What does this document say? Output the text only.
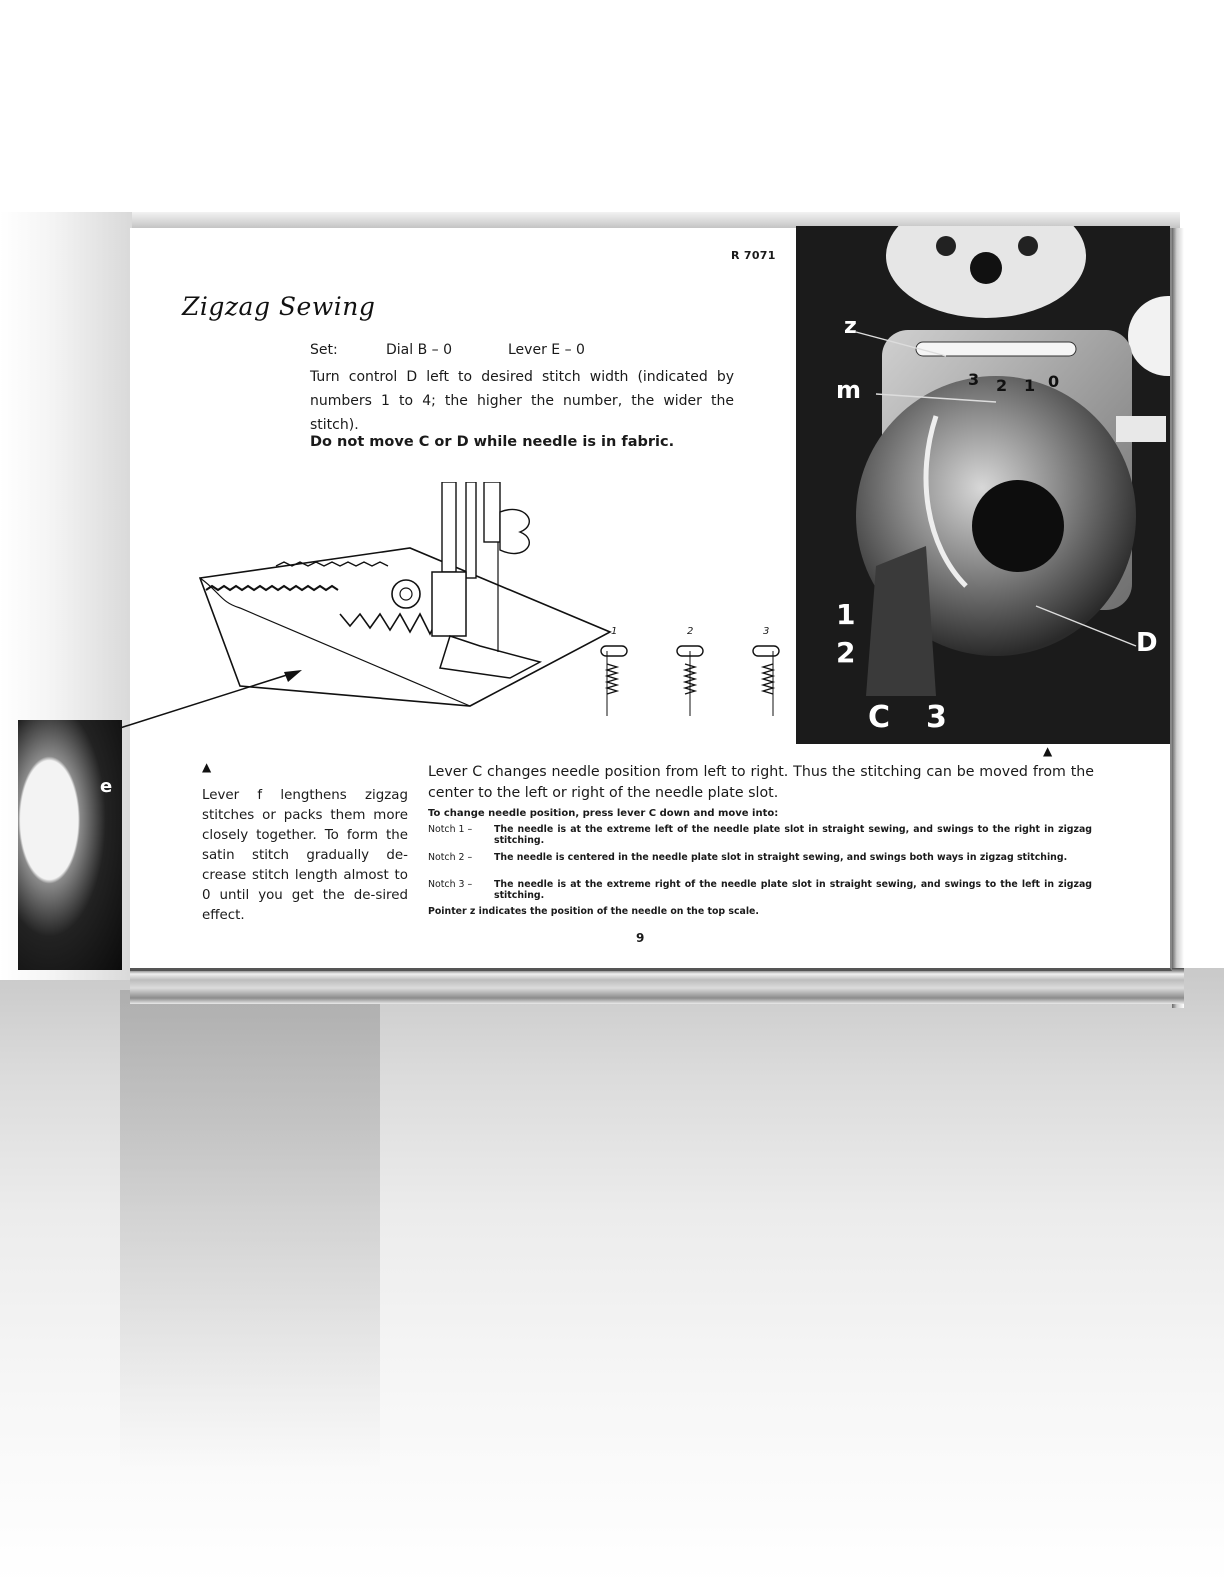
e
R 7071
Zigzag Sewing
Set:	Dial B – 0	Lever E – 0
Turn control D left to desired stitch width (indicated by numbers 1 to 4; the higher the number, the wider the stitch).
Do not move C or D while needle is in fabric.
1	2	3
z
m	3 2 1 0
1
2
C 3
D
▲
▲
Lever f lengthens zigzag stitches or packs them more closely together. To form the satin stitch gradually de-crease stitch length almost to 0 until you get the de-sired effect.
Lever C changes needle position from left to right. Thus the stitching can be moved from the center to the left or right of the needle plate slot.
To change needle position, press lever C down and move into:
Notch 1 – The needle is at the extreme left of the needle plate slot in straight sewing, and swings to the right in zigzag stitching.
Notch 2 – The needle is centered in the needle plate slot in straight sewing, and swings both ways in zigzag stitching.
Notch 3 – The needle is at the extreme right of the needle plate slot in straight sewing, and swings to the left in zigzag stitching.
Pointer z indicates the position of the needle on the top scale.
9
